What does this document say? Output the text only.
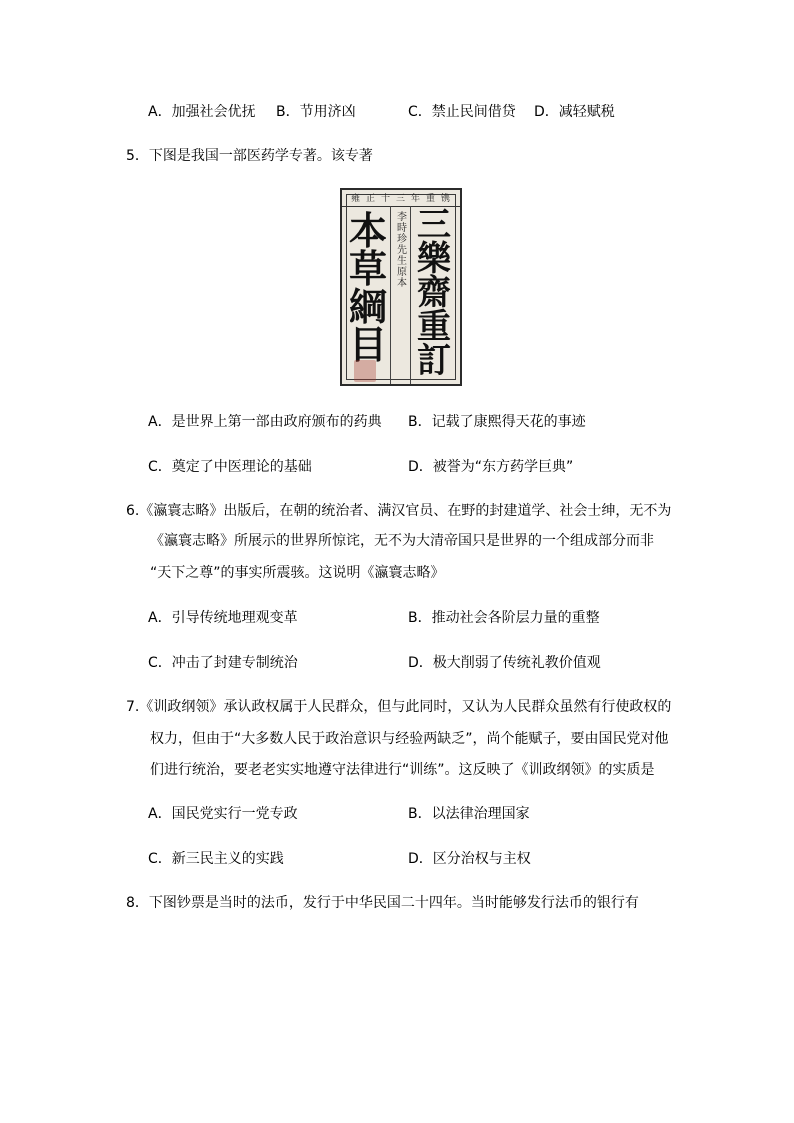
A．加强社会优抚 B．节用济凶	C．禁止民间借贷 D．减轻赋税
5．下图是我国一部医药学专著。该专著
雍正十三年重镌
本草綱目
李時珍先生原本
三樂齋重訂
A．是世界上第一部由政府颁布的药典 B．记载了康熙得天花的事迹
C．奠定了中医理论的基础	D．被誉为“东方药学巨典”
6.《瀛寰志略》出版后，在朝的统治者、满汉官员、在野的封建道学、社会士绅，无不为
《瀛寰志略》所展示的世界所惊诧，无不为大清帝国只是世界的一个组成部分而非
“天下之尊”的事实所震骇。这说明《瀛寰志略》
A．引导传统地理观变革	B．推动社会各阶层力量的重整
C．冲击了封建专制统治	D．极大削弱了传统礼教价值观
7.《训政纲领》承认政权属于人民群众，但与此同时，又认为人民群众虽然有行使政权的
权力，但由于“大多数人民于政治意识与经验两缺乏”，尚个能赋子，要由国民党对他
们进行统治，要老老实实地遵守法律进行“训练”。这反映了《训政纲领》的实质是
A．国民党实行一党专政	B．以法律治理国家
C．新三民主义的实践	D．区分治权与主权
8．下图钞票是当时的法币，发行于中华民国二十四年。当时能够发行法币的银行有
